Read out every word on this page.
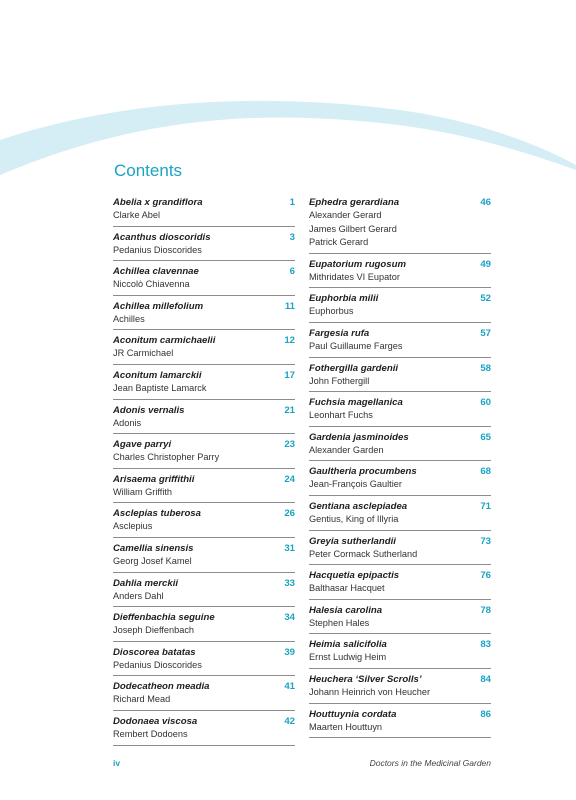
Contents
Abelia x grandiflora	1
Clarke Abel
Acanthus dioscoridis	3
Pedanius Dioscorides
Achillea clavennae	6
Niccolò Chiavenna
Achillea millefolium	11
Achilles
Aconitum carmichaelii	12
JR Carmichael
Aconitum lamarckii	17
Jean Baptiste Lamarck
Adonis vernalis	21
Adonis
Agave parryi	23
Charles Christopher Parry
Arisaema griffithii	24
William Griffith
Asclepias tuberosa	26
Asclepius
Camellia sinensis	31
Georg Josef Kamel
Dahlia merckii	33
Anders Dahl
Dieffenbachia seguine	34
Joseph Dieffenbach
Dioscorea batatas	39
Pedanius Dioscorides
Dodecatheon meadia	41
Richard Mead
Dodonaea viscosa	42
Rembert Dodoens
Ephedra gerardiana	46
Alexander Gerard
James Gilbert Gerard
Patrick Gerard
Eupatorium rugosum	49
Mithridates VI Eupator
Euphorbia milii	52
Euphorbus
Fargesia rufa	57
Paul Guillaume Farges
Fothergilla gardenii	58
John Fothergill
Fuchsia magellanica	60
Leonhart Fuchs
Gardenia jasminoides	65
Alexander Garden
Gaultheria procumbens	68
Jean-François Gaultier
Gentiana asclepiadea	71
Gentius, King of Illyria
Greyia sutherlandii	73
Peter Cormack Sutherland
Hacquetia epipactis	76
Balthasar Hacquet
Halesia carolina	78
Stephen Hales
Heimia salicifolia	83
Ernst Ludwig Heim
Heuchera ‘Silver Scrolls’	84
Johann Heinrich von Heucher
Houttuynia cordata	86
Maarten Houttuyn
iv	Doctors in the Medicinal Garden
